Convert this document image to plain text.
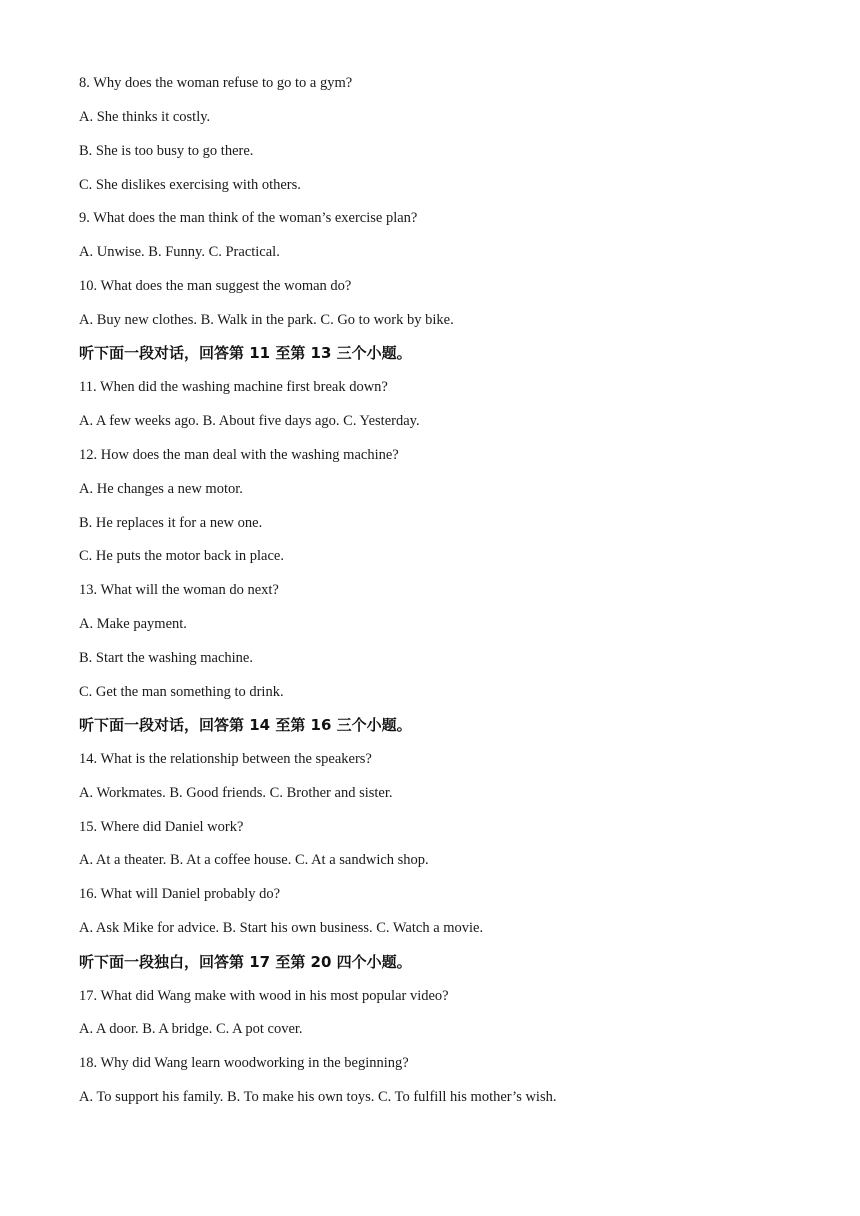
8. Why does the woman refuse to go to a gym?
A. She thinks it costly.
B. She is too busy to go there.
C. She dislikes exercising with others.
9. What does the man think of the woman’s exercise plan?
A. Unwise. B. Funny. C. Practical.
10. What does the man suggest the woman do?
A. Buy new clothes. B. Walk in the park. C. Go to work by bike.
听下面一段对话，回答第 11 至第 13 三个小题。
11. When did the washing machine first break down?
A. A few weeks ago. B. About five days ago. C. Yesterday.
12. How does the man deal with the washing machine?
A. He changes a new motor.
B. He replaces it for a new one.
C. He puts the motor back in place.
13. What will the woman do next?
A. Make payment.
B. Start the washing machine.
C. Get the man something to drink.
听下面一段对话，回答第 14 至第 16 三个小题。
14. What is the relationship between the speakers?
A. Workmates. B. Good friends. C. Brother and sister.
15. Where did Daniel work?
A. At a theater. B. At a coffee house. C. At a sandwich shop.
16. What will Daniel probably do?
A. Ask Mike for advice. B. Start his own business. C. Watch a movie.
听下面一段独白，回答第 17 至第 20 四个小题。
17. What did Wang make with wood in his most popular video?
A. A door. B. A bridge. C. A pot cover.
18. Why did Wang learn woodworking in the beginning?
A. To support his family. B. To make his own toys. C. To fulfill his mother’s wish.
